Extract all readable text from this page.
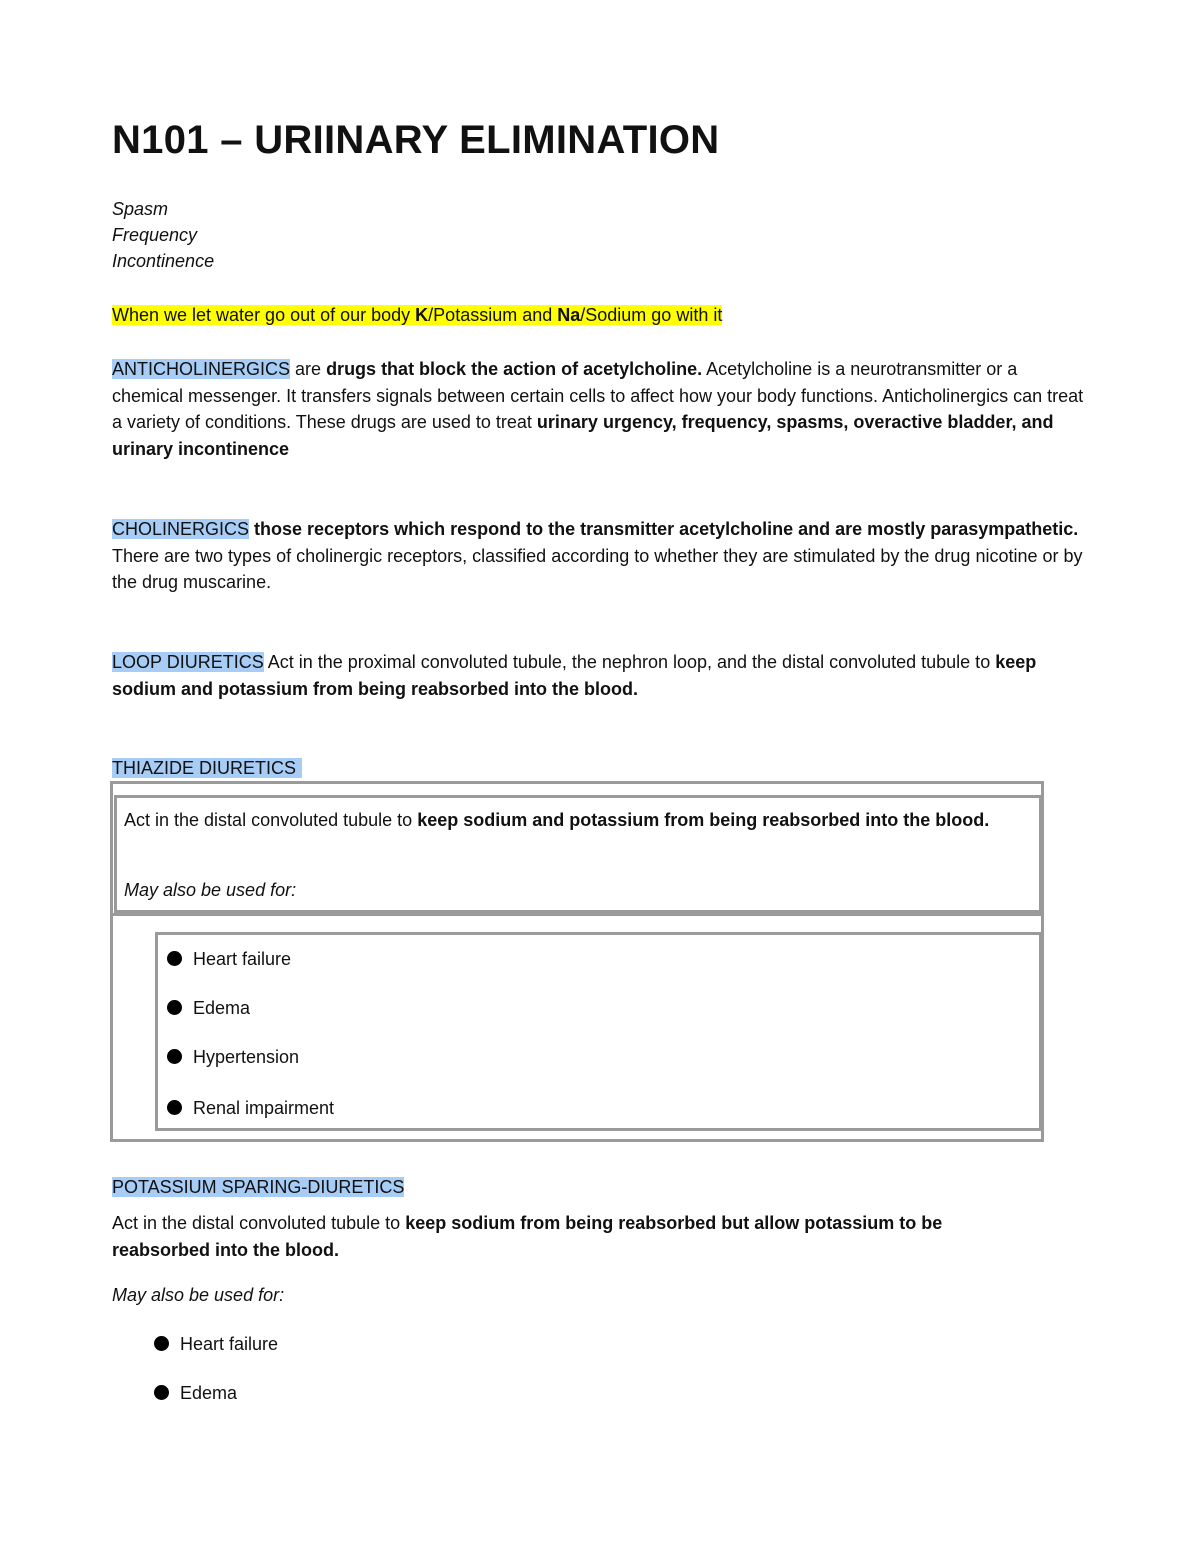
N101 – URIINARY ELIMINATION
Spasm
Frequency
Incontinence
When we let water go out of our body K/Potassium and Na/Sodium go with it
ANTICHOLINERGICS are drugs that block the action of acetylcholine. Acetylcholine is a neurotransmitter or a chemical messenger. It transfers signals between certain cells to affect how your body functions. Anticholinergics can treat a variety of conditions. These drugs are used to treat urinary urgency, frequency, spasms, overactive bladder, and urinary incontinence
CHOLINERGICS those receptors which respond to the transmitter acetylcholine and are mostly parasympathetic. There are two types of cholinergic receptors, classified according to whether they are stimulated by the drug nicotine or by the drug muscarine.
LOOP DIURETICS Act in the proximal convoluted tubule, the nephron loop, and the distal convoluted tubule to keep sodium and potassium from being reabsorbed into the blood.
THIAZIDE DIURETICS
Act in the distal convoluted tubule to keep sodium and potassium from being reabsorbed into the blood.
May also be used for:
Heart failure
Edema
Hypertension
Renal impairment
POTASSIUM SPARING-DIURETICS
Act in the distal convoluted tubule to keep sodium from being reabsorbed but allow potassium to be reabsorbed into the blood.
May also be used for:
Heart failure
Edema
